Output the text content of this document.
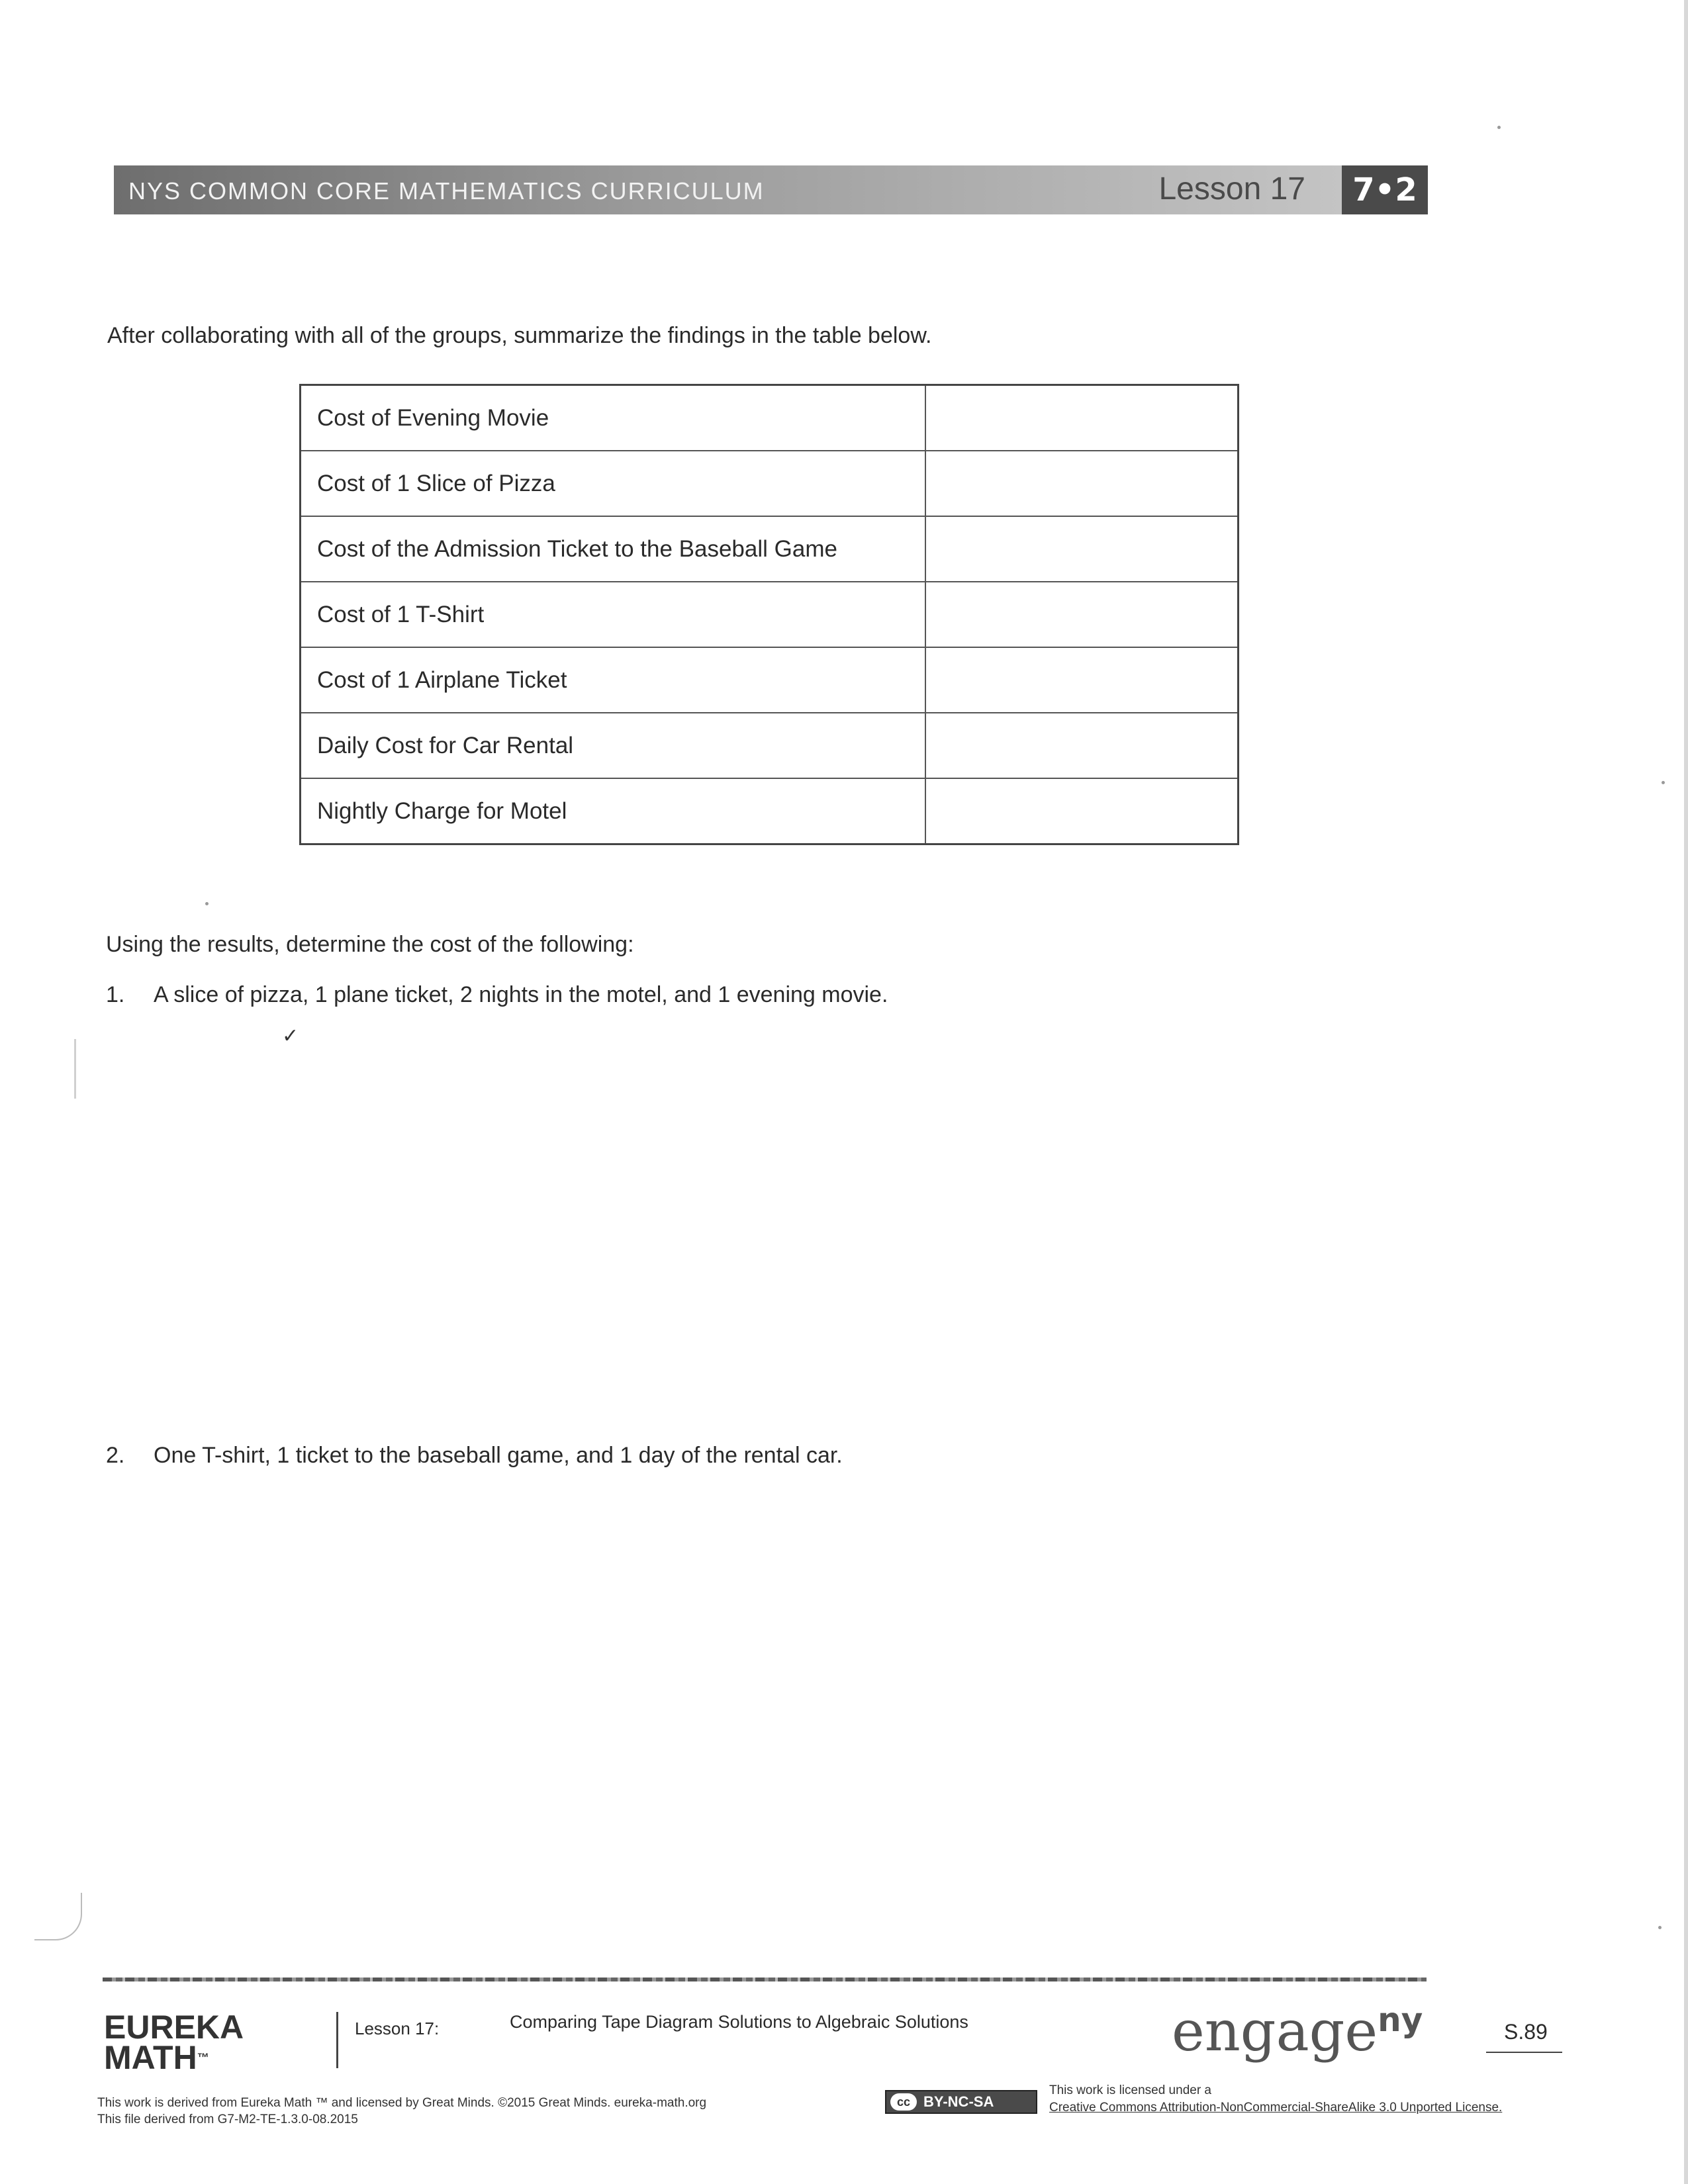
NYS COMMON CORE MATHEMATICS CURRICULUM	Lesson 17	7•2
After collaborating with all of the groups, summarize the findings in the table below.
Cost of Evening Movie	
Cost of 1 Slice of Pizza	
Cost of the Admission Ticket to the Baseball Game	
Cost of 1 T-Shirt	
Cost of 1 Airplane Ticket	
Daily Cost for Car Rental	
Nightly Charge for Motel	
Using the results, determine the cost of the following:
1. A slice of pizza, 1 plane ticket, 2 nights in the motel, and 1 evening movie.
✓
2. One T-shirt, 1 ticket to the baseball game, and 1 day of the rental car.
EUREKA
MATH™
Lesson 17:	Comparing Tape Diagram Solutions to Algebraic Solutions	engage$^{ny}$	S.89
This work is derived from Eureka Math ™ and licensed by Great Minds. ©2015 Great Minds. eureka-math.org
This file derived from G7-M2-TE-1.3.0-08.2015
cc BY-NC-SA
This work is licensed under a
Creative Commons Attribution-NonCommercial-ShareAlike 3.0 Unported License.
